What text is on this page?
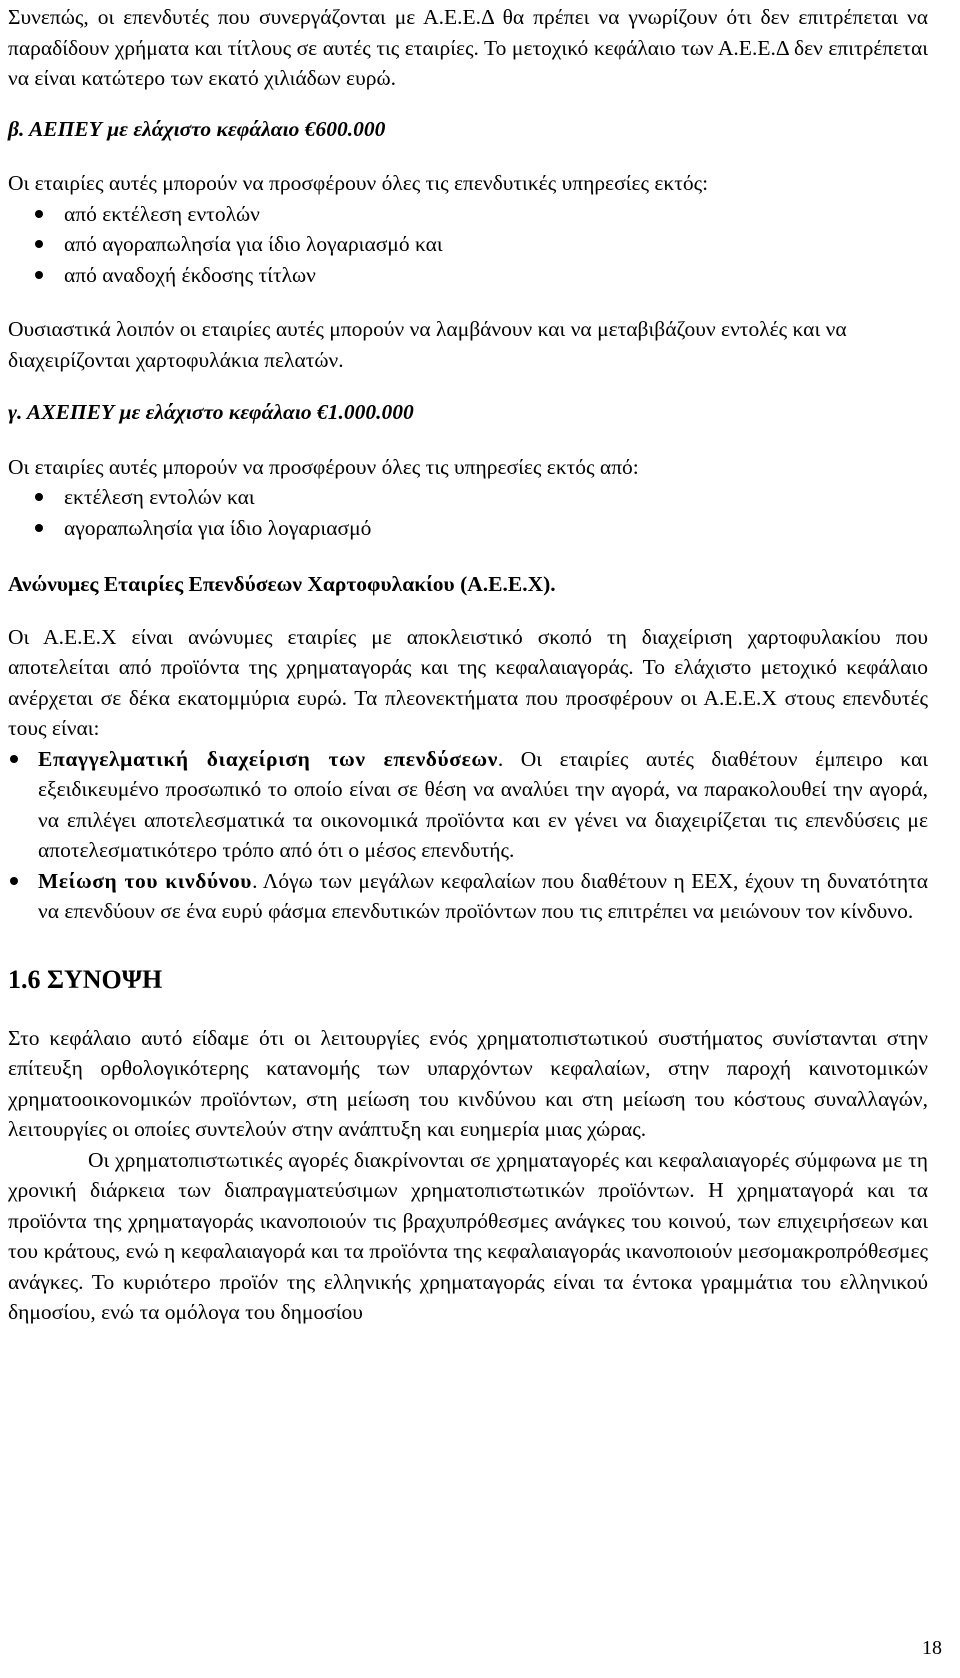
Συνεπώς, οι επενδυτές που συνεργάζονται με Α.Ε.Ε.Δ θα πρέπει να γνωρίζουν ότι δεν επιτρέπεται να παραδίδουν χρήματα και τίτλους σε αυτές τις εταιρίες. Το μετοχικό κεφάλαιο των Α.Ε.Ε.Δ δεν επιτρέπεται να είναι κατώτερο των εκατό χιλιάδων ευρώ.

β. ΑΕΠΕΥ με ελάχιστο κεφάλαιο €600.000

Οι εταιρίες αυτές μπορούν να προσφέρουν όλες τις επενδυτικές υπηρεσίες εκτός:

από εκτέλεση εντολών
από αγοραπωλησία για ίδιο λογαριασμό και
από αναδοχή έκδοσης τίτλων

Ουσιαστικά λοιπόν οι εταιρίες αυτές μπορούν να λαμβάνουν και να μεταβιβάζουν εντολές και να διαχειρίζονται χαρτοφυλάκια πελατών.

γ. ΑΧΕΠΕΥ με ελάχιστο κεφάλαιο €1.000.000

Οι εταιρίες αυτές μπορούν να προσφέρουν όλες τις υπηρεσίες εκτός από:

εκτέλεση εντολών και
αγοραπωλησία για ίδιο λογαριασμό

Ανώνυμες Εταιρίες Επενδύσεων Χαρτοφυλακίου (Α.Ε.Ε.Χ).

Οι Α.Ε.Ε.Χ είναι ανώνυμες εταιρίες με αποκλειστικό σκοπό τη διαχείριση χαρτοφυλακίου που αποτελείται από προϊόντα της χρηματαγοράς και της κεφαλαιαγοράς. Το ελάχιστο μετοχικό κεφάλαιο ανέρχεται σε δέκα εκατομμύρια ευρώ. Τα πλεονεκτήματα που προσφέρουν οι Α.Ε.Ε.Χ στους επενδυτές τους είναι:

Επαγγελματική διαχείριση των επενδύσεων. Οι εταιρίες αυτές διαθέτουν έμπειρο και εξειδικευμένο προσωπικό το οποίο είναι σε θέση να αναλύει την αγορά, να παρακολουθεί την αγορά, να επιλέγει αποτελεσματικά τα οικονομικά προϊόντα και εν γένει να διαχειρίζεται τις επενδύσεις με αποτελεσματικότερο τρόπο από ότι ο μέσος επενδυτής.
Μείωση του κινδύνου. Λόγω των μεγάλων κεφαλαίων που διαθέτουν η ΕΕΧ, έχουν τη δυνατότητα να επενδύουν σε ένα ευρύ φάσμα επενδυτικών προϊόντων που τις επιτρέπει να μειώνουν τον κίνδυνο.

1.6 ΣΥΝΟΨΗ

Στο κεφάλαιο αυτό είδαμε ότι οι λειτουργίες ενός χρηματοπιστωτικού συστήματος συνίστανται στην επίτευξη ορθολογικότερης κατανομής των υπαρχόντων κεφαλαίων, στην παροχή καινοτομικών χρηματοοικονομικών προϊόντων, στη μείωση του κινδύνου και στη μείωση του κόστους συναλλαγών, λειτουργίες οι οποίες συντελούν στην ανάπτυξη και ευημερία μιας χώρας.

Οι χρηματοπιστωτικές αγορές διακρίνονται σε χρηματαγορές και κεφαλαιαγορές σύμφωνα με τη χρονική διάρκεια των διαπραγματεύσιμων χρηματοπιστωτικών προϊόντων. Η χρηματαγορά και τα προϊόντα της χρηματαγοράς ικανοποιούν τις βραχυπρόθεσμες ανάγκες του κοινού, των επιχειρήσεων και του κράτους, ενώ η κεφαλαιαγορά και τα προϊόντα της κεφαλαιαγοράς ικανοποιούν μεσομακροπρόθεσμες ανάγκες. Το κυριότερο προϊόν της ελληνικής χρηματαγοράς είναι τα έντοκα γραμμάτια του ελληνικού δημοσίου, ενώ τα ομόλογα του δημοσίου

18
